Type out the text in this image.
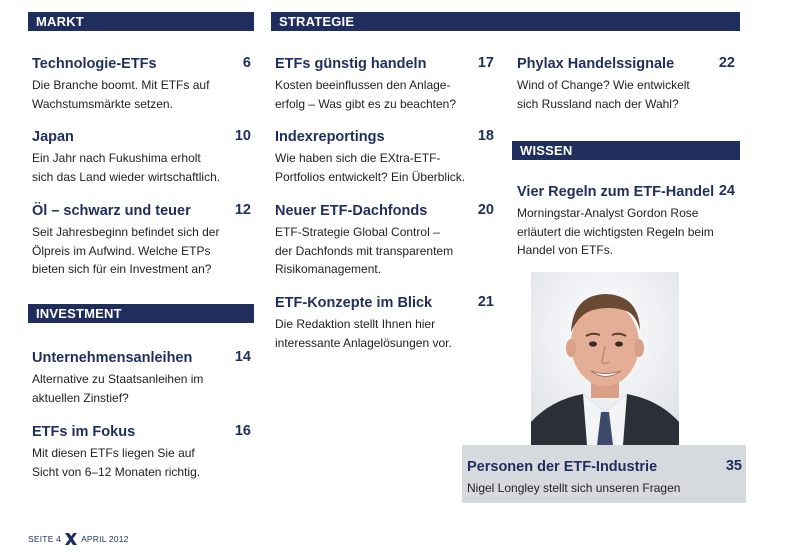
MARKT	STRATEGIE
INVESTMENT
WISSEN
Technologie-ETFs	6
Die Branche boomt. Mit ETFs auf
Wachstumsmärkte setzen.
Japan	10
Ein Jahr nach Fukushima erholt
sich das Land wieder wirtschaftlich.
Öl – schwarz und teuer	12
Seit Jahresbeginn befindet sich der
Ölpreis im Aufwind. Welche ETPs
bieten sich für ein Investment an?
Unternehmensanleihen	14
Alternative zu Staatsanleihen im
aktuellen Zinstief?
ETFs im Fokus	16
Mit diesen ETFs liegen Sie auf
Sicht von 6–12 Monaten richtig.
ETFs günstig handeln	17
Kosten beeinflussen den Anlage-
erfolg – Was gibt es zu beachten?
Indexreportings	18
Wie haben sich die EXtra-ETF-
Portfolios entwickelt? Ein Überblick.
Neuer ETF-Dachfonds	20
ETF-Strategie Global Control –
der Dachfonds mit transparentem
Risikomanagement.
ETF-Konzepte im Blick	21
Die Redaktion stellt Ihnen hier
interessante Anlagelösungen vor.
Phylax Handelssignale	22
Wind of Change? Wie entwickelt
sich Russland nach der Wahl?
Vier Regeln zum ETF-Handel 24
Morningstar-Analyst Gordon Rose
erläutert die wichtigsten Regeln beim
Handel von ETFs.
Personen der ETF-Industrie	35
Nigel Longley stellt sich unseren Fragen
SEITE 4 APRIL 2012
